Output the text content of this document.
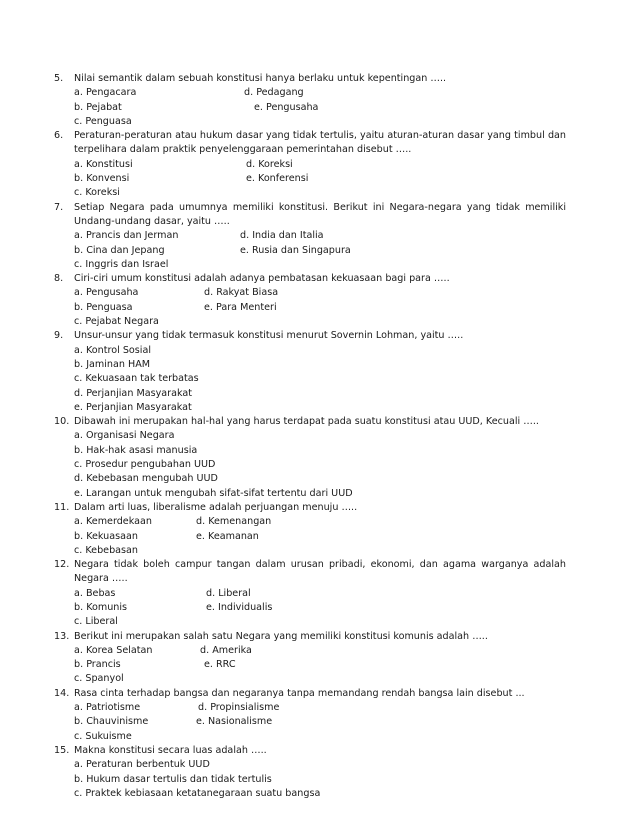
5.	Nilai semantik dalam sebuah konstitusi hanya berlaku untuk kepentingan …..
a. Pengacara	d. Pedagang
b. Pejabat	e. Pengusaha
c. Penguasa
6.	Peraturan-peraturan atau hukum dasar yang tidak tertulis, yaitu aturan-aturan dasar yang timbul dan terpelihara dalam praktik penyelenggaraan pemerintahan disebut …..
a. Konstitusi	d. Koreksi
b. Konvensi	e. Konferensi
c. Koreksi
7.	Setiap Negara pada umumnya memiliki konstitusi. Berikut ini Negara-negara yang tidak memiliki Undang-undang dasar, yaitu …..
a. Prancis dan Jerman	d. India dan Italia
b. Cina dan Jepang	e. Rusia dan Singapura
c. Inggris dan Israel
8.	Ciri-ciri umum konstitusi adalah adanya pembatasan kekuasaan bagi para …..
a. Pengusaha	d. Rakyat Biasa
b. Penguasa	e. Para Menteri
c. Pejabat Negara
9.	Unsur-unsur yang tidak termasuk konstitusi menurut Sovernin Lohman, yaitu …..
a. Kontrol Sosial
b. Jaminan HAM
c. Kekuasaan tak terbatas
d. Perjanjian Masyarakat
e. Perjanjian Masyarakat
10. Dibawah ini merupakan hal-hal yang harus terdapat pada suatu konstitusi atau UUD, Kecuali …..
a. Organisasi Negara
b. Hak-hak asasi manusia
c. Prosedur pengubahan UUD
d. Kebebasan mengubah UUD
e. Larangan untuk mengubah sifat-sifat tertentu dari UUD
11. Dalam arti luas, liberalisme adalah perjuangan menuju …..
a. Kemerdekaan	d. Kemenangan
b. Kekuasaan	e. Keamanan
c. Kebebasan
12. Negara tidak boleh campur tangan dalam urusan pribadi, ekonomi, dan agama warganya adalah Negara …..
a. Bebas	d. Liberal
b. Komunis	e. Individualis
c. Liberal
13. Berikut ini merupakan salah satu Negara yang memiliki konstitusi komunis adalah …..
a. Korea Selatan	d. Amerika
b. Prancis	e. RRC
c. Spanyol
14. Rasa cinta terhadap bangsa dan negaranya tanpa memandang rendah bangsa lain disebut ...
a. Patriotisme	d. Propinsialisme
b. Chauvinisme	e. Nasionalisme
c. Sukuisme
15. Makna konstitusi secara luas adalah …..
a. Peraturan berbentuk UUD
b. Hukum dasar tertulis dan tidak tertulis
c. Praktek kebiasaan ketatanegaraan suatu bangsa
